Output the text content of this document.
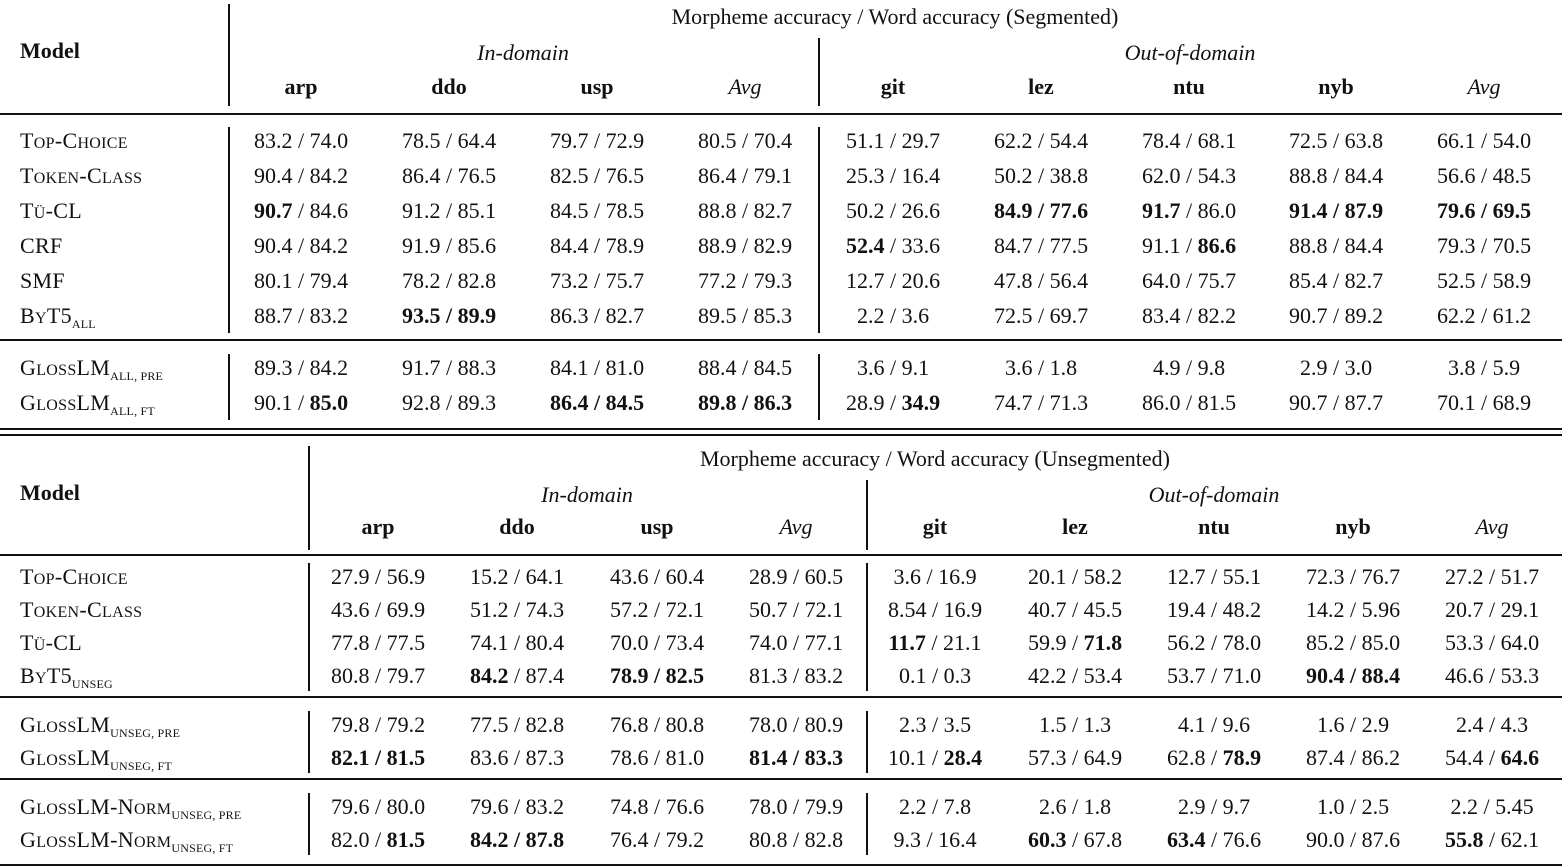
Morpheme accuracy / Word accuracy (Segmented)
Model	In-domain	Out-of-domain
arp	ddo	usp	Avg	git	lez	ntu	nyb	Avg
TOP-CHOICE	83.2 / 74.0	78.5 / 64.4	79.7 / 72.9	80.5 / 70.4	51.1 / 29.7	62.2 / 54.4	78.4 / 68.1	72.5 / 63.8	66.1 / 54.0
TOKEN-CLASS	90.4 / 84.2	86.4 / 76.5	82.5 / 76.5	86.4 / 79.1	25.3 / 16.4	50.2 / 38.8	62.0 / 54.3	88.8 / 84.4	56.6 / 48.5
TÜ-CL	90.7 / 84.6	91.2 / 85.1	84.5 / 78.5	88.8 / 82.7	50.2 / 26.6	84.9 / 77.6	91.7 / 86.0	91.4 / 87.9	79.6 / 69.5
CRF	90.4 / 84.2	91.9 / 85.6	84.4 / 78.9	88.9 / 82.9	52.4 / 33.6	84.7 / 77.5	91.1 / 86.6	88.8 / 84.4	79.3 / 70.5
SMF	80.1 / 79.4	78.2 / 82.8	73.2 / 75.7	77.2 / 79.3	12.7 / 20.6	47.8 / 56.4	64.0 / 75.7	85.4 / 82.7	52.5 / 58.9
$BYT5_{ALL}$	88.7 / 83.2	93.5 / 89.9	86.3 / 82.7	89.5 / 85.3	2.2 / 3.6	72.5 / 69.7	83.4 / 82.2	90.7 / 89.2	62.2 / 61.2
$GLOSSLM_{ALL, PRE}$	89.3 / 84.2	91.7 / 88.3	84.1 / 81.0	88.4 / 84.5	3.6 / 9.1	3.6 / 1.8	4.9 / 9.8	2.9 / 3.0	3.8 / 5.9
$GLOSSLM_{ALL, FT}$	90.1 / 85.0	92.8 / 89.3	86.4 / 84.5	89.8 / 86.3	28.9 / 34.9	74.7 / 71.3	86.0 / 81.5	90.7 / 87.7	70.1 / 68.9
Morpheme accuracy / Word accuracy (Unsegmented)
Model	In-domain	Out-of-domain
arp	ddo	usp	Avg	git	lez	ntu	nyb	Avg
TOP-CHOICE	27.9 / 56.9	15.2 / 64.1	43.6 / 60.4	28.9 / 60.5	3.6 / 16.9	20.1 / 58.2	12.7 / 55.1	72.3 / 76.7	27.2 / 51.7
TOKEN-CLASS	43.6 / 69.9	51.2 / 74.3	57.2 / 72.1	50.7 / 72.1	8.54 / 16.9	40.7 / 45.5	19.4 / 48.2	14.2 / 5.96	20.7 / 29.1
TÜ-CL	77.8 / 77.5	74.1 / 80.4	70.0 / 73.4	74.0 / 77.1	11.7 / 21.1	59.9 / 71.8	56.2 / 78.0	85.2 / 85.0	53.3 / 64.0
$BYT5_{UNSEG}$	80.8 / 79.7	84.2 / 87.4	78.9 / 82.5	81.3 / 83.2	0.1 / 0.3	42.2 / 53.4	53.7 / 71.0	90.4 / 88.4	46.6 / 53.3
$GLOSSLM_{UNSEG, PRE}$	79.8 / 79.2	77.5 / 82.8	76.8 / 80.8	78.0 / 80.9	2.3 / 3.5	1.5 / 1.3	4.1 / 9.6	1.6 / 2.9	2.4 / 4.3
$GLOSSLM_{UNSEG, FT}$	82.1 / 81.5	83.6 / 87.3	78.6 / 81.0	81.4 / 83.3	10.1 / 28.4	57.3 / 64.9	62.8 / 78.9	87.4 / 86.2	54.4 / 64.6
GLOSSLM-$NORM_{UNSEG, PRE}$	79.6 / 80.0	79.6 / 83.2	74.8 / 76.6	78.0 / 79.9	2.2 / 7.8	2.6 / 1.8	2.9 / 9.7	1.0 / 2.5	2.2 / 5.45
GLOSSLM-$NORM_{UNSEG, FT}$	82.0 / 81.5	84.2 / 87.8	76.4 / 79.2	80.8 / 82.8	9.3 / 16.4	60.3 / 67.8	63.4 / 76.6	90.0 / 87.6	55.8 / 62.1
